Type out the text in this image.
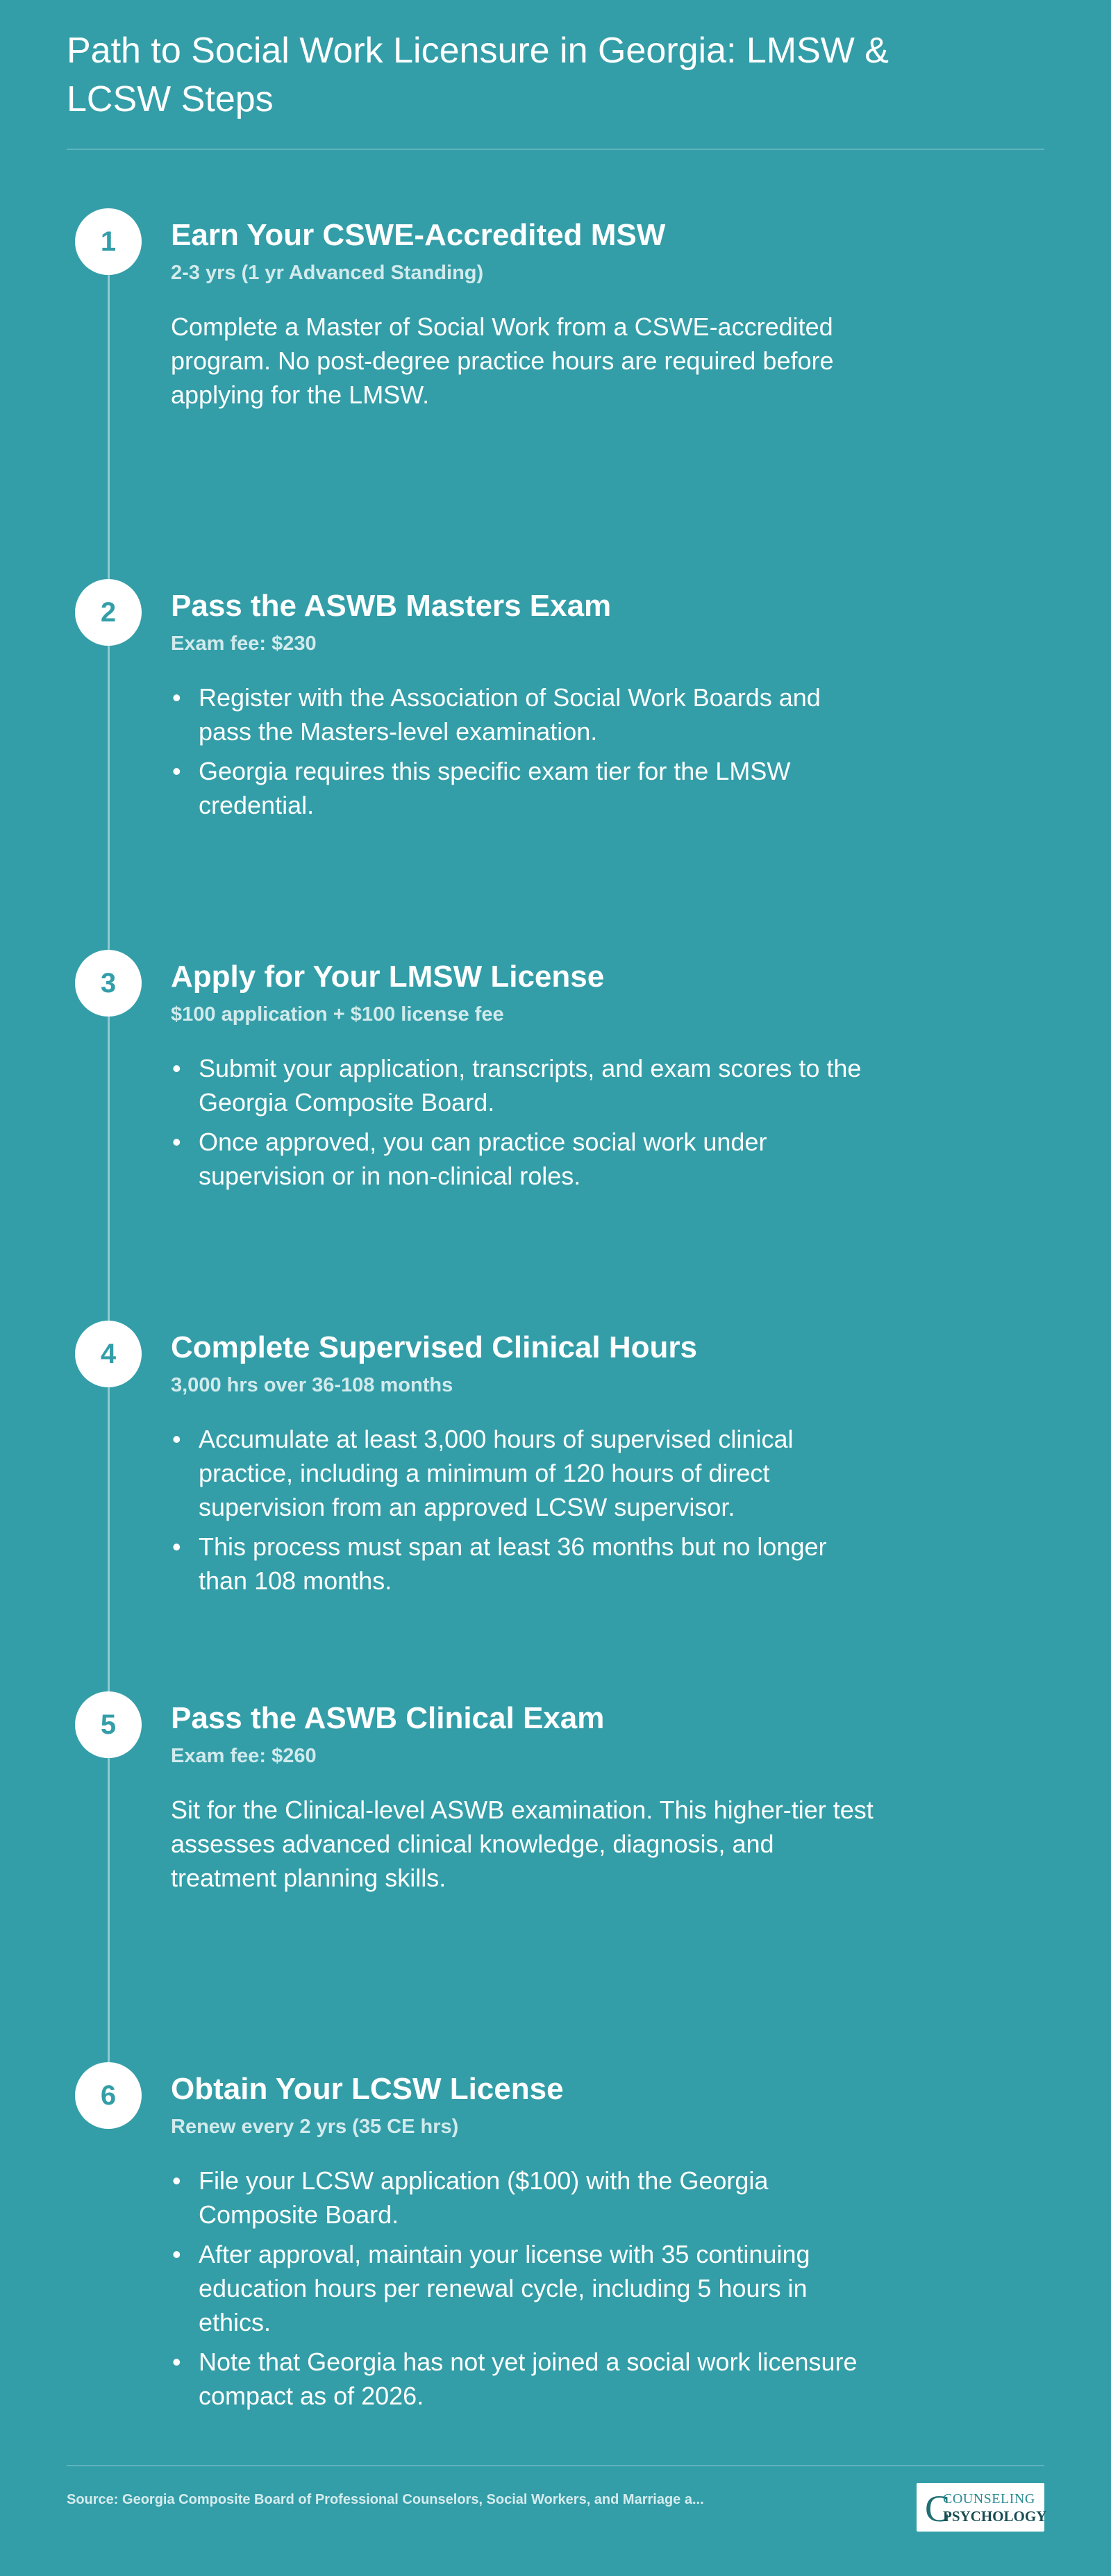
Path to Social Work Licensure in Georgia: LMSW & LCSW Steps
1	Earn Your CSWE-Accredited MSW
2-3 yrs (1 yr Advanced Standing)

Complete a Master of Social Work from a CSWE-accredited program. No post-degree practice hours are required before applying for the LMSW.

2	Pass the ASWB Masters Exam
Exam fee: $230
• Register with the Association of Social Work Boards and pass the Masters-level examination.
• Georgia requires this specific exam tier for the LMSW credential.
3	Apply for Your LMSW License
$100 application + $100 license fee
• Submit your application, transcripts, and exam scores to the Georgia Composite Board.
• Once approved, you can practice social work under supervision or in non-clinical roles.
4	Complete Supervised Clinical Hours
3,000 hrs over 36-108 months
• Accumulate at least 3,000 hours of supervised clinical practice, including a minimum of 120 hours of direct supervision from an approved LCSW supervisor.
• This process must span at least 36 months but no longer than 108 months.
5	Pass the ASWB Clinical Exam
Exam fee: $260

Sit for the Clinical-level ASWB examination. This higher-tier test assesses advanced clinical knowledge, diagnosis, and treatment planning skills.

6	Obtain Your LCSW License
Renew every 2 yrs (35 CE hrs)
• File your LCSW application ($100) with the Georgia Composite Board.
• After approval, maintain your license with 35 continuing education hours per renewal cycle, including 5 hours in ethics.
• Note that Georgia has not yet joined a social work licensure compact as of 2026.
Source: Georgia Composite Board of Professional Counselors, Social Workers, and Marriage a...	C
COUNSELING
PSYCHOLOGY
